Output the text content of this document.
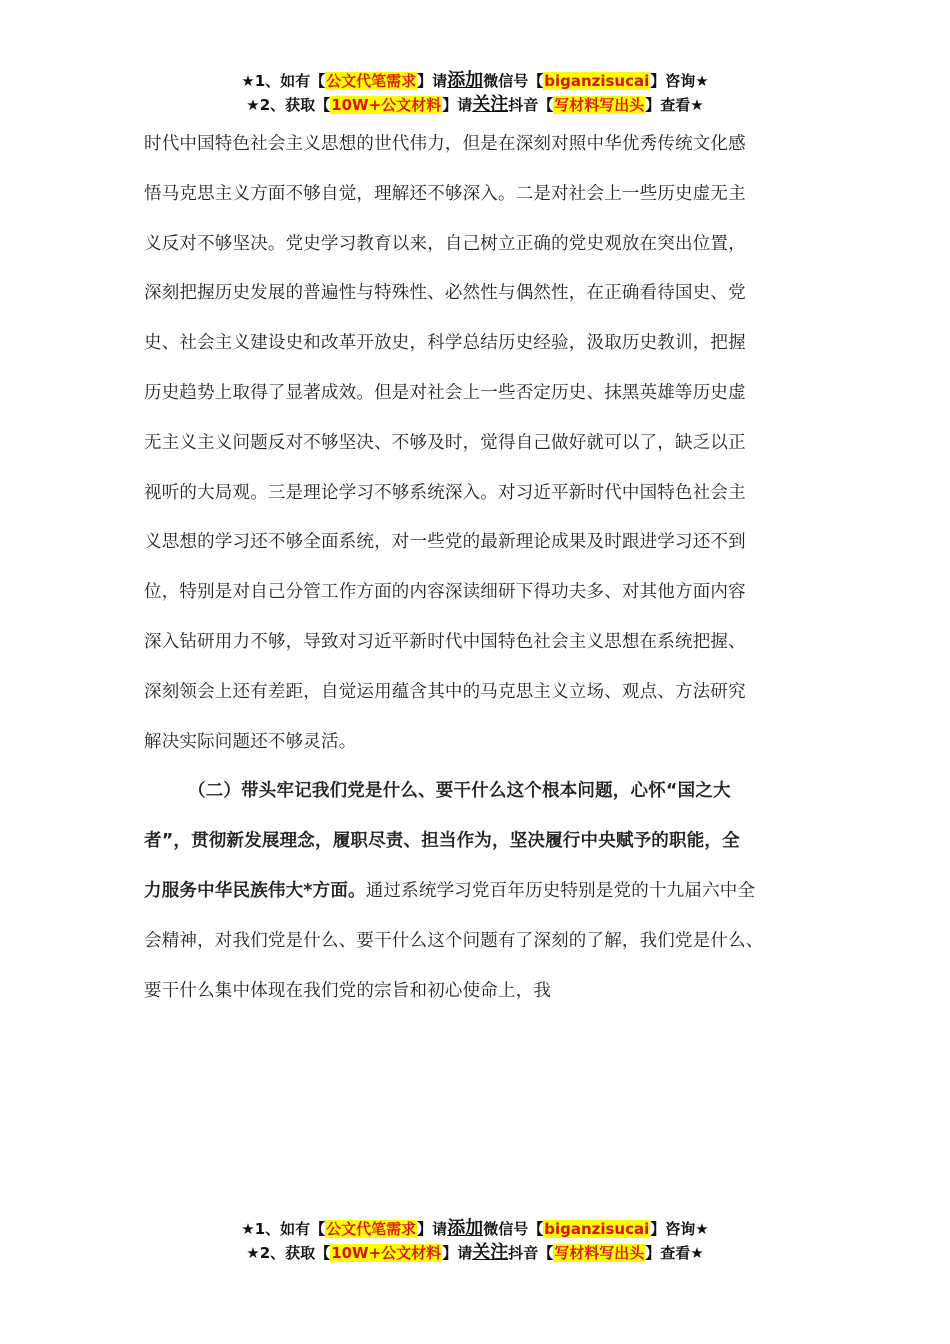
★1、如有【公文代笔需求】请添加微信号【biganzisucai】咨询★
★2、获取【10W+公文材料】请关注抖音【写材料写出头】查看★
时代中国特色社会主义思想的世代伟力，但是在深刻对照中华优秀传统文化感
悟马克思主义方面不够自觉，理解还不够深入。二是对社会上一些历史虚无主
义反对不够坚决。党史学习教育以来，自己树立正确的党史观放在突出位置，
深刻把握历史发展的普遍性与特殊性、必然性与偶然性，在正确看待国史、党
史、社会主义建设史和改革开放史，科学总结历史经验，汲取历史教训，把握
历史趋势上取得了显著成效。但是对社会上一些否定历史、抹黑英雄等历史虚
无主义主义问题反对不够坚决、不够及时，觉得自己做好就可以了，缺乏以正
视听的大局观。三是理论学习不够系统深入。对习近平新时代中国特色社会主
义思想的学习还不够全面系统，对一些党的最新理论成果及时跟进学习还不到
位，特别是对自己分管工作方面的内容深读细研下得功夫多、对其他方面内容
深入钻研用力不够，导致对习近平新时代中国特色社会主义思想在系统把握、
深刻领会上还有差距，自觉运用蕴含其中的马克思主义立场、观点、方法研究
解决实际问题还不够灵活。
（二）带头牢记我们党是什么、要干什么这个根本问题，心怀“国之大
者”，贯彻新发展理念，履职尽责、担当作为，坚决履行中央赋予的职能，全
力服务中华民族伟大*方面。通过系统学习党百年历史特别是党的十九届六中全
会精神，对我们党是什么、要干什么这个问题有了深刻的了解，我们党是什么、
要干什么集中体现在我们党的宗旨和初心使命上，我
★1、如有【公文代笔需求】请添加微信号【biganzisucai】咨询★
★2、获取【10W+公文材料】请关注抖音【写材料写出头】查看★
